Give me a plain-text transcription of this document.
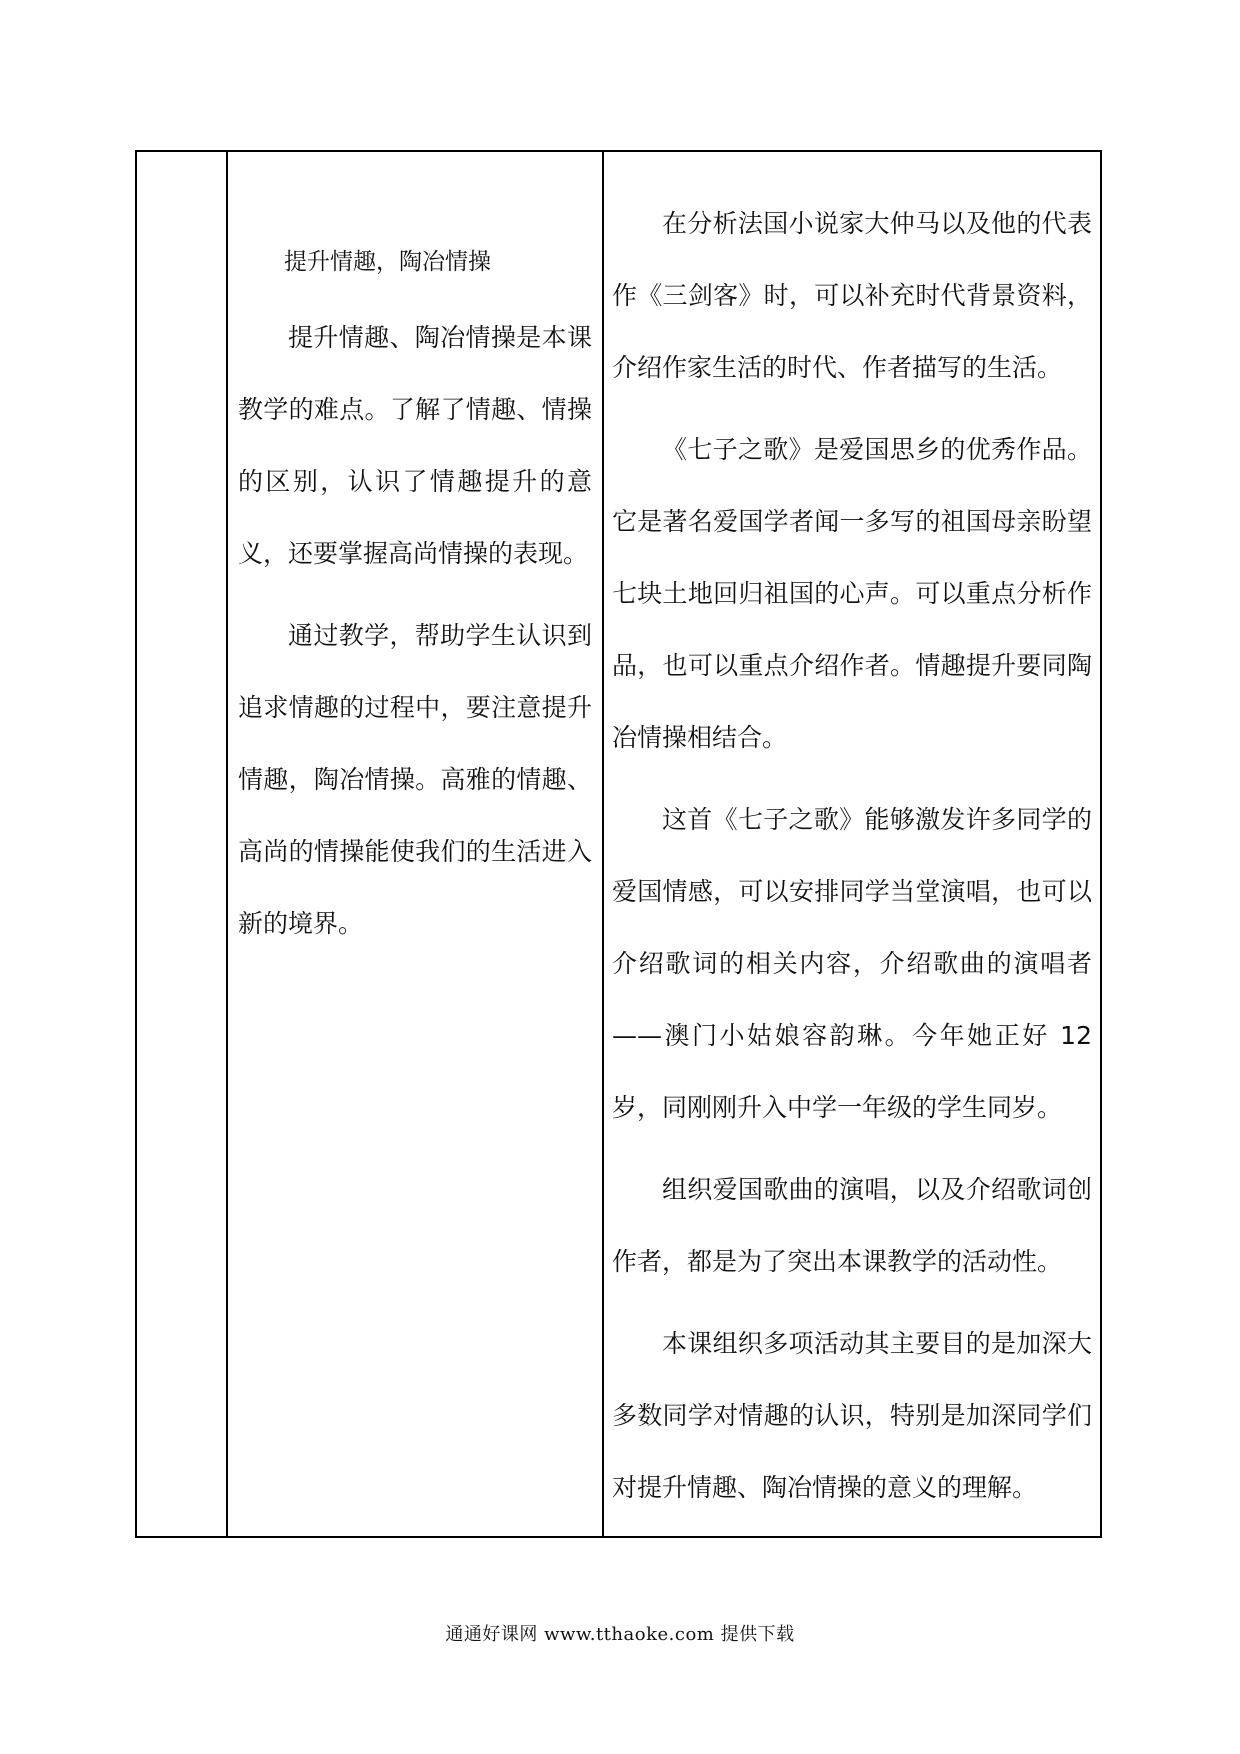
提升情趣，陶冶情操

提升情趣、陶冶情操是本课教学的难点。了解了情趣、情操的区别，认识了情趣提升的意义，还要掌握高尚情操的表现。

通过教学，帮助学生认识到追求情趣的过程中，要注意提升情趣，陶冶情操。高雅的情趣、高尚的情操能使我们的生活进入新的境界。

在分析法国小说家大仲马以及他的代表作《三剑客》时，可以补充时代背景资料，介绍作家生活的时代、作者描写的生活。

《七子之歌》是爱国思乡的优秀作品。它是著名爱国学者闻一多写的祖国母亲盼望七块土地回归祖国的心声。可以重点分析作品，也可以重点介绍作者。情趣提升要同陶冶情操相结合。

这首《七子之歌》能够激发许多同学的爱国情感，可以安排同学当堂演唱，也可以介绍歌词的相关内容，介绍歌曲的演唱者——澳门小姑娘容韵琳。今年她正好 12 岁，同刚刚升入中学一年级的学生同岁。

组织爱国歌曲的演唱，以及介绍歌词创作者，都是为了突出本课教学的活动性。

本课组织多项活动其主要目的是加深大多数同学对情趣的认识，特别是加深同学们对提升情趣、陶冶情操的意义的理解。

通通好课网 www.tthaoke.com 提供下载
